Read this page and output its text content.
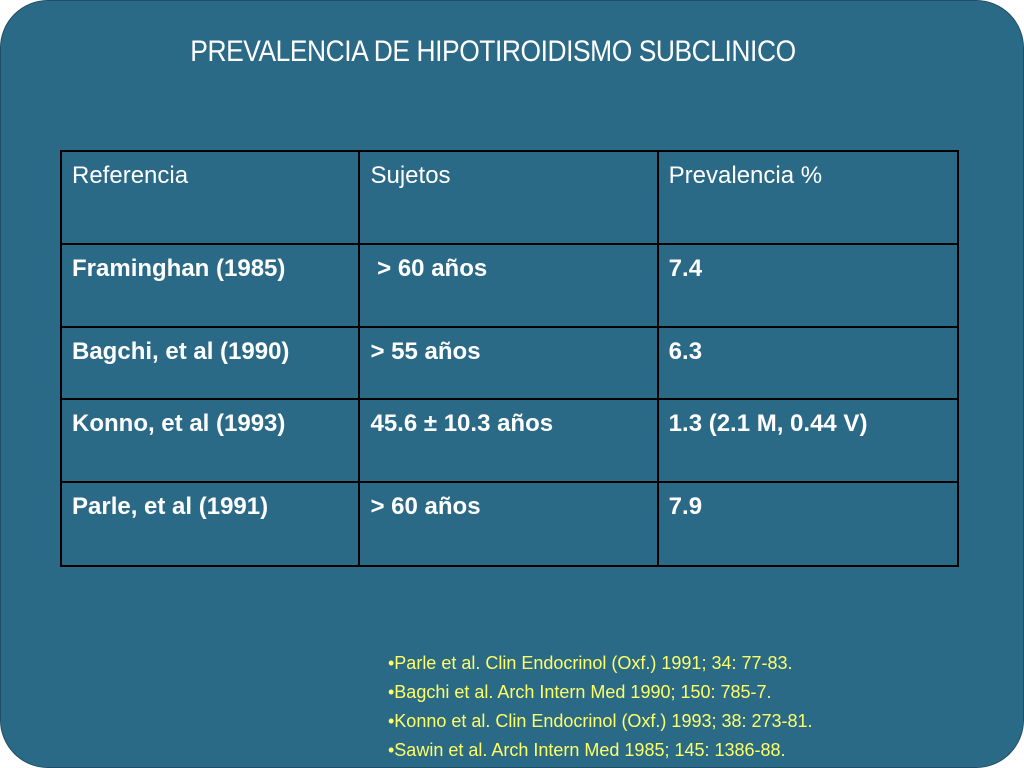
PREVALENCIA DE HIPOTIROIDISMO SUBCLINICO
Referencia	Sujetos	Prevalencia %
Framinghan (1985)	> 60 años	7.4
Bagchi, et al (1990)	> 55 años	6.3
Konno, et al (1993)	45.6 ± 10.3 años	1.3 (2.1 M, 0.44 V)
Parle, et al (1991)	> 60 años	7.9
•Parle et al. Clin Endocrinol (Oxf.) 1991; 34: 77-83.
•Bagchi et al. Arch Intern Med 1990; 150: 785-7.
•Konno et al. Clin Endocrinol (Oxf.) 1993; 38: 273-81.
•Sawin et al. Arch Intern Med 1985; 145: 1386-88.
